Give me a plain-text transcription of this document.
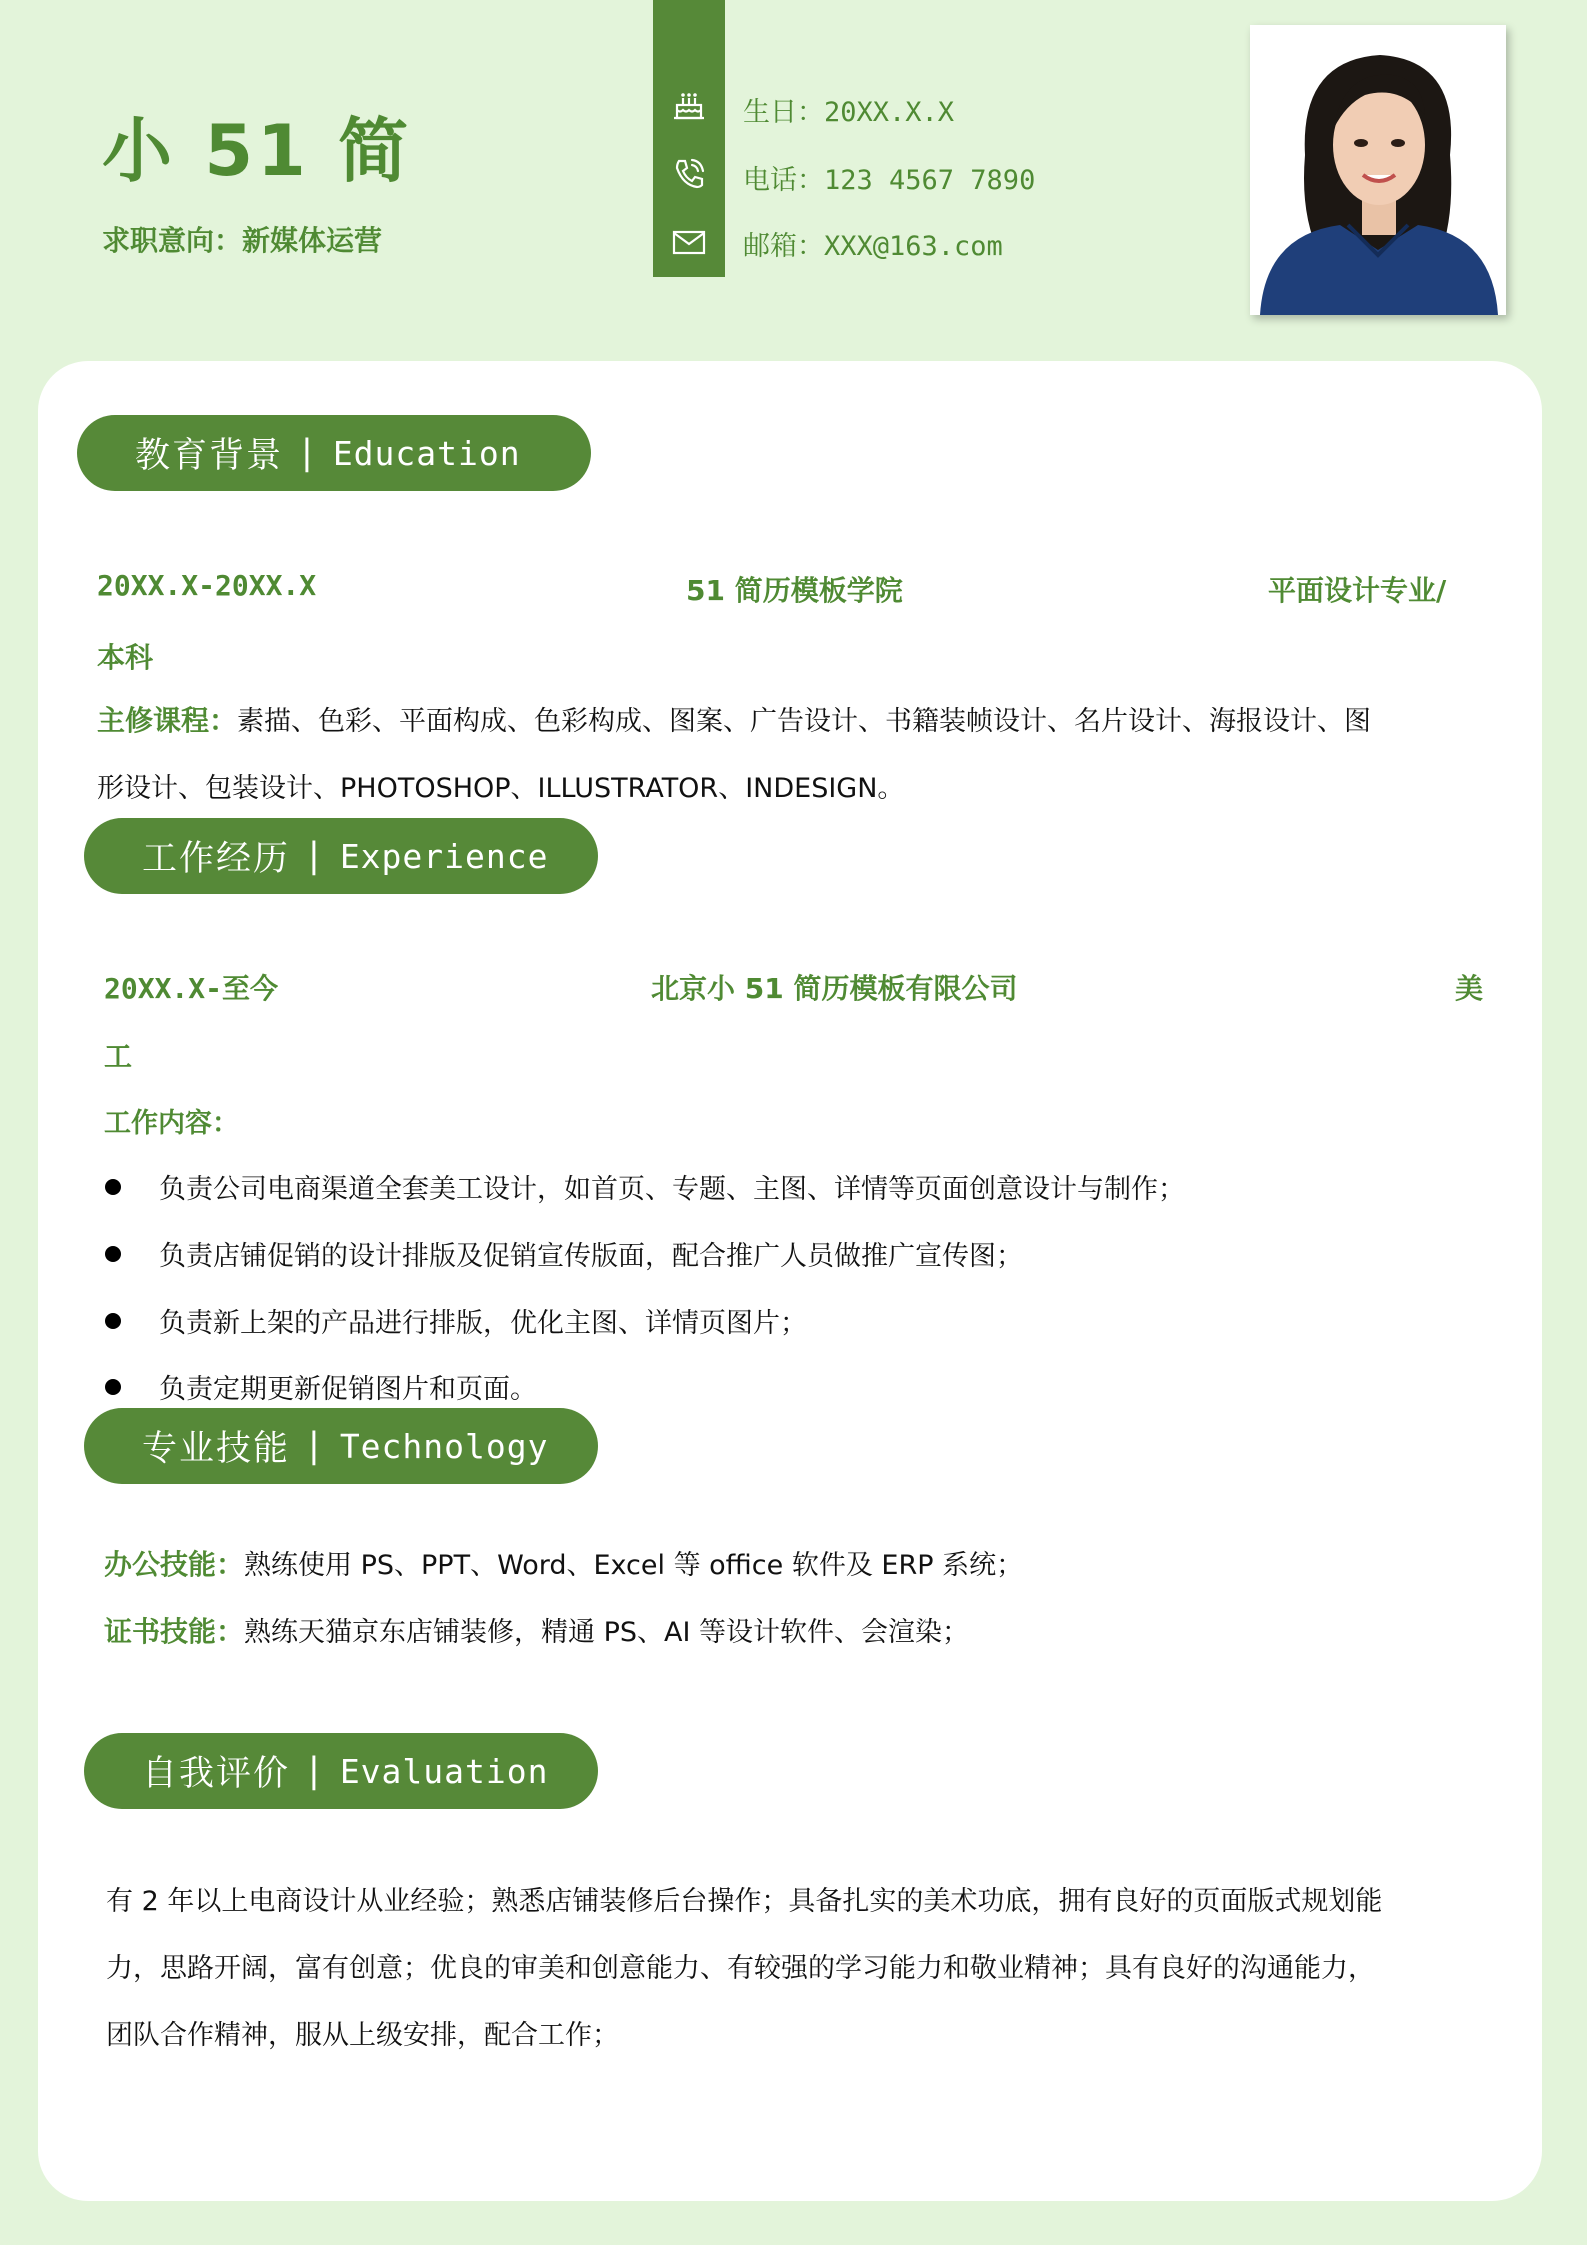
小 51 简
求职意向：新媒体运营
生日：20XX.X.X
电话：123 4567 7890
邮箱：XXX@163.com
教育背景 | Education
20XX.X-20XX.X	51 简历模板学院	平面设计专业/
本科
主修课程：素描、色彩、平面构成、色彩构成、图案、广告设计、书籍装帧设计、名片设计、海报设计、图
形设计、包装设计、PHOTOSHOP、ILLUSTRATOR、INDESIGN。
工作经历 | Experience
20XX.X-至今	北京小 51 简历模板有限公司	美
工
工作内容：
负责公司电商渠道全套美工设计，如首页、专题、主图、详情等页面创意设计与制作；
负责店铺促销的设计排版及促销宣传版面，配合推广人员做推广宣传图；
负责新上架的产品进行排版，优化主图、详情页图片；
负责定期更新促销图片和页面。
专业技能 | Technology
办公技能：熟练使用 PS、PPT、Word、Excel 等 office 软件及 ERP 系统；
证书技能：熟练天猫京东店铺装修，精通 PS、AI 等设计软件、会渲染；
自我评价 | Evaluation
有 2 年以上电商设计从业经验；熟悉店铺装修后台操作；具备扎实的美术功底，拥有良好的页面版式规划能
力，思路开阔，富有创意；优良的审美和创意能力、有较强的学习能力和敬业精神；具有良好的沟通能力，
团队合作精神，服从上级安排，配合工作；
